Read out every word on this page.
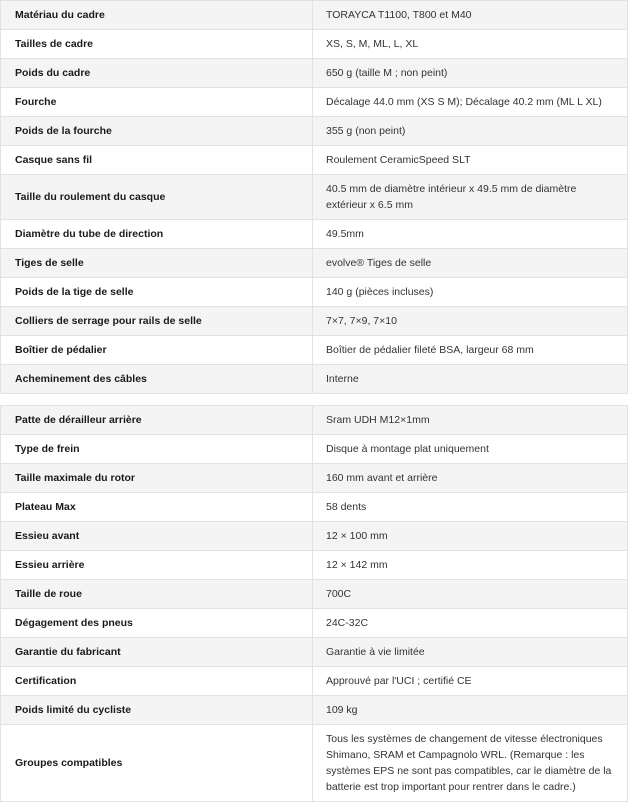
Matériau du cadre	TORAYCA T1100, T800 et M40
Tailles de cadre	XS, S, M, ML, L, XL
Poids du cadre	650 g (taille M ; non peint)
Fourche	Décalage 44.0 mm (XS S M); Décalage 40.2 mm (ML L XL)
Poids de la fourche	355 g (non peint)
Casque sans fil	Roulement CeramicSpeed SLT
Taille du roulement du casque	40.5 mm de diamètre intérieur x 49.5 mm de diamètre extérieur x 6.5 mm
Diamètre du tube de direction	49.5mm
Tiges de selle	evolve® Tiges de selle
Poids de la tige de selle	140 g (pièces incluses)
Colliers de serrage pour rails de selle	7×7, 7×9, 7×10
Boîtier de pédalier	Boîtier de pédalier fileté BSA, largeur 68 mm
Acheminement des câbles	Interne
Patte de dérailleur arrière	Sram UDH M12×1mm
Type de frein	Disque à montage plat uniquement
Taille maximale du rotor	160 mm avant et arrière
Plateau Max	58 dents
Essieu avant	12 × 100 mm
Essieu arrière	12 × 142 mm
Taille de roue	700C
Dégagement des pneus	24C-32C
Garantie du fabricant	Garantie à vie limitée
Certification	Approuvé par l'UCI ; certifié CE
Poids limité du cycliste	109 kg
Groupes compatibles	Tous les systèmes de changement de vitesse électroniques Shimano, SRAM et Campagnolo WRL. (Remarque : les systèmes EPS ne sont pas compatibles, car le diamètre de la batterie est trop important pour rentrer dans le cadre.)
